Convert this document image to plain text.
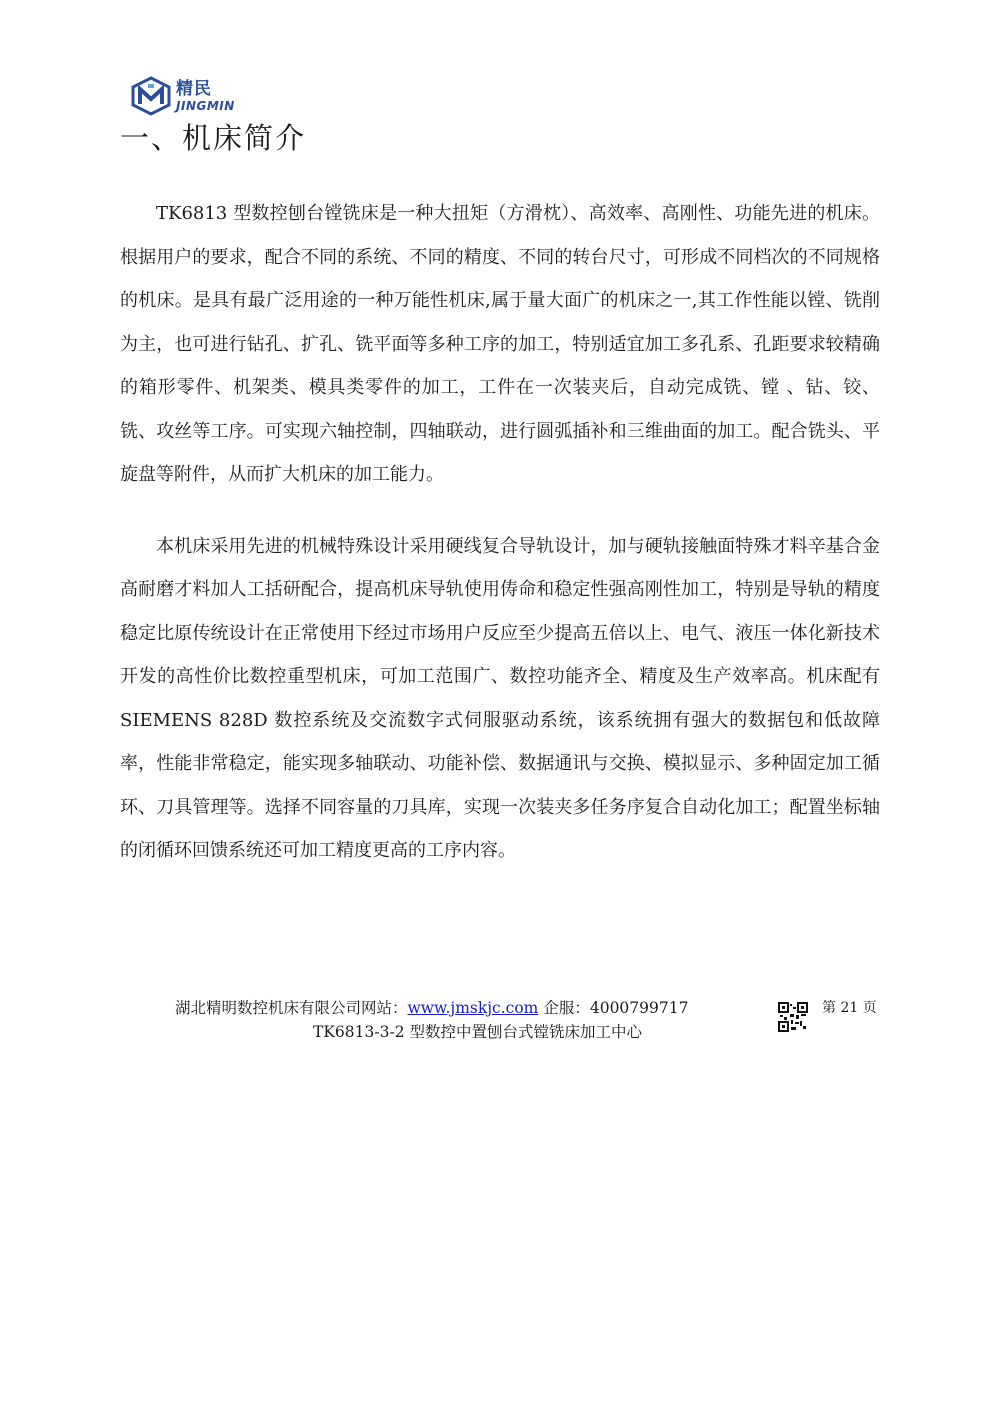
精民
JINGMIN
一、机床简介

TK6813 型数控刨台镗铣床是一种大扭矩（方滑枕）、高效率、高刚性、功能先进的机床。根据用户的要求，配合不同的系统、不同的精度、不同的转台尺寸，可形成不同档次的不同规格的机床。是具有最广泛用途的一种万能性机床,属于量大面广的机床之一,其工作性能以镗、铣削为主，也可进行钻孔、扩孔、铣平面等多种工序的加工，特别适宜加工多孔系、孔距要求较精确的箱形零件、机架类、模具类零件的加工，工件在一次装夹后，自动完成铣、镗 、钻、铰、铣、攻丝等工序。可实现六轴控制，四轴联动，进行圆弧插补和三维曲面的加工。配合铣头、平旋盘等附件，从而扩大机床的加工能力。

本机床采用先进的机械特殊设计采用硬线复合导轨设计，加与硬轨接触面特殊才料辛基合金高耐磨才料加人工括研配合，提高机床导轨使用俦命和稳定性强高刚性加工，特别是导轨的精度稳定比原传统设计在正常使用下经过市场用户反应至少提高五倍以上、电气、液压一体化新技术开发的高性价比数控重型机床，可加工范围广、数控功能齐全、精度及生产效率高。机床配有 SIEMENS 828D 数控系统及交流数字式伺服驱动系统，该系统拥有强大的数据包和低故障率，性能非常稳定，能实现多轴联动、功能补偿、数据通讯与交换、模拟显示、多种固定加工循环、刀具管理等。选择不同容量的刀具库，实现一次装夹多任务序复合自动化加工；配置坐标轴的闭循环回馈系统还可加工精度更高的工序内容。

湖北精明数控机床有限公司网站：www.jmskjc.com 企服：4000799717
TK6813-3-2 型数控中置刨台式镗铣床加工中心
第 21 页
